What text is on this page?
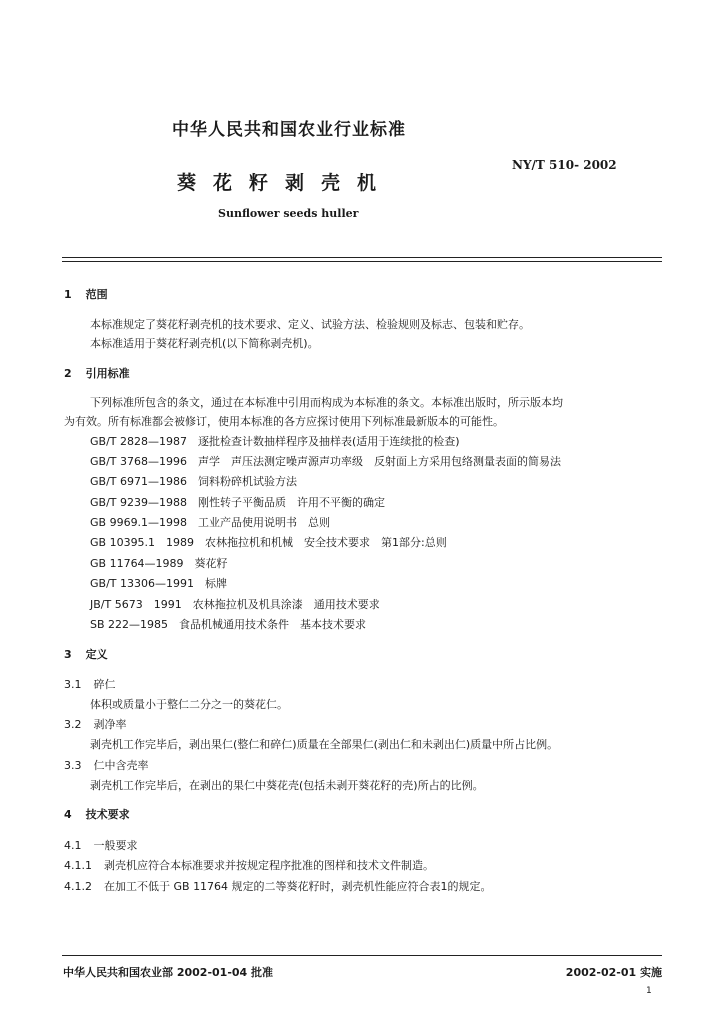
中华人民共和国农业行业标准
葵花籽剥壳机
NY/T 510- 2002
Sunflower seeds huller
1 范围
本标准规定了葵花籽剥壳机的技术要求、定义、试验方法、检验规则及标志、包装和贮存。
本标准适用于葵花籽剥壳机(以下简称剥壳机)。
2 引用标准
下列标准所包含的条文，通过在本标准中引用而构成为本标准的条文。本标准出版时，所示版本均
为有效。所有标准都会被修订，使用本标准的各方应探讨使用下列标准最新版本的可能性。
GB/T 2828—1987　逐批检查计数抽样程序及抽样表(适用于连续批的检查)
GB/T 3768—1996　声学　声压法测定噪声源声功率级　反射面上方采用包络测量表面的简易法
GB/T 6971—1986　饲料粉碎机试验方法
GB/T 9239—1988　刚性转子平衡品质　许用不平衡的确定
GB 9969.1—1998　工业产品使用说明书　总则
GB 10395.1　1989　农林拖拉机和机械　安全技术要求　第1部分:总则
GB 11764—1989　葵花籽
GB/T 13306—1991　标牌
JB/T 5673　1991　农林拖拉机及机具涂漆　通用技术要求
SB 222—1985　食品机械通用技术条件　基本技术要求
3 定义
3.1 碎仁
体积或质量小于整仁二分之一的葵花仁。
3.2 剥净率
剥壳机工作完毕后，剥出果仁(整仁和碎仁)质量在全部果仁(剥出仁和未剥出仁)质量中所占比例。
3.3 仁中含壳率
剥壳机工作完毕后，在剥出的果仁中葵花壳(包括未剥开葵花籽的壳)所占的比例。
4 技术要求
4.1 一般要求
4.1.1 剥壳机应符合本标准要求并按规定程序批准的图样和技术文件制造。
4.1.2 在加工不低于 GB 11764 规定的二等葵花籽时，剥壳机性能应符合表1的规定。
中华人民共和国农业部 2002-01-04 批准	2002-02-01 实施
1
